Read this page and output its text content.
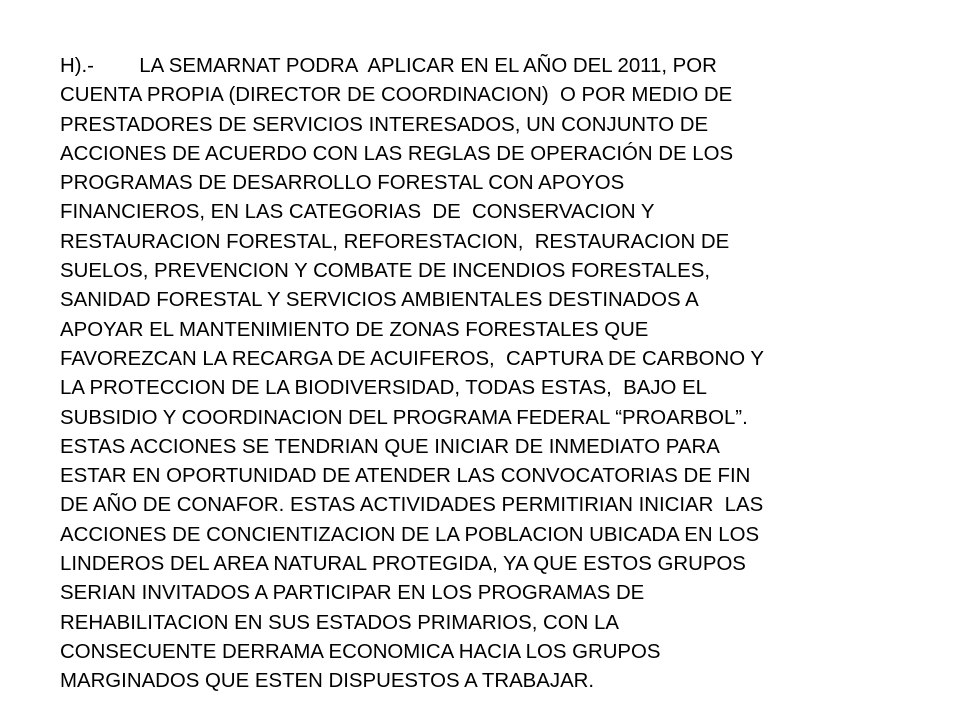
H).-        LA SEMARNAT PODRA  APLICAR EN EL AÑO DEL 2011, POR
CUENTA PROPIA (DIRECTOR DE COORDINACION)  O POR MEDIO DE
PRESTADORES DE SERVICIOS INTERESADOS, UN CONJUNTO DE
ACCIONES DE ACUERDO CON LAS REGLAS DE OPERACIÓN DE LOS
PROGRAMAS DE DESARROLLO FORESTAL CON APOYOS
FINANCIEROS, EN LAS CATEGORIAS  DE  CONSERVACION Y
RESTAURACION FORESTAL, REFORESTACION,  RESTAURACION DE
SUELOS, PREVENCION Y COMBATE DE INCENDIOS FORESTALES,
SANIDAD FORESTAL Y SERVICIOS AMBIENTALES DESTINADOS A
APOYAR EL MANTENIMIENTO DE ZONAS FORESTALES QUE
FAVOREZCAN LA RECARGA DE ACUIFEROS,  CAPTURA DE CARBONO Y
LA PROTECCION DE LA BIODIVERSIDAD, TODAS ESTAS,  BAJO EL
SUBSIDIO Y COORDINACION DEL PROGRAMA FEDERAL “PROARBOL”.
ESTAS ACCIONES SE TENDRIAN QUE INICIAR DE INMEDIATO PARA
ESTAR EN OPORTUNIDAD DE ATENDER LAS CONVOCATORIAS DE FIN
DE AÑO DE CONAFOR. ESTAS ACTIVIDADES PERMITIRIAN INICIAR  LAS
ACCIONES DE CONCIENTIZACION DE LA POBLACION UBICADA EN LOS
LINDEROS DEL AREA NATURAL PROTEGIDA, YA QUE ESTOS GRUPOS
SERIAN INVITADOS A PARTICIPAR EN LOS PROGRAMAS DE
REHABILITACION EN SUS ESTADOS PRIMARIOS, CON LA
CONSECUENTE DERRAMA ECONOMICA HACIA LOS GRUPOS
MARGINADOS QUE ESTEN DISPUESTOS A TRABAJAR.
